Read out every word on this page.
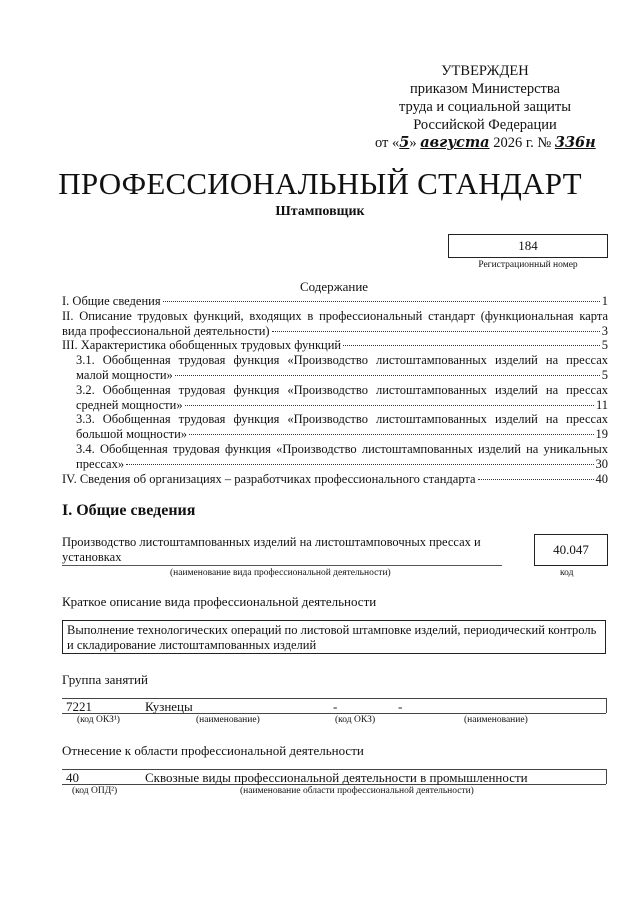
УТВЕРЖДЕН
приказом Министерства
труда и социальной защиты
Российской Федерации
от «5» августа 2026 г. № 336н
ПРОФЕССИОНАЛЬНЫЙ СТАНДАРТ
Штамповщик
184
Регистрационный номер
Содержание
I. Общие сведения	1
II. Описание трудовых функций, входящих в профессиональный стандарт (функциональная карта
вида профессиональной деятельности)	3
III. Характеристика обобщенных трудовых функций	5
3.1. Обобщенная трудовая функция «Производство листоштампованных изделий на прессах
малой мощности»	5
3.2. Обобщенная трудовая функция «Производство листоштампованных изделий на прессах
средней мощности»	11
3.3. Обобщенная трудовая функция «Производство листоштампованных изделий на прессах
большой мощности»	19
3.4. Обобщенная трудовая функция «Производство листоштампованных изделий на уникальных
прессах»	30
IV. Сведения об организациях – разработчиках профессионального стандарта	40
I. Общие сведения
Производство листоштампованных изделий на листоштамповочных прессах и установках	40.047
(наименование вида профессиональной деятельности)	код
Краткое описание вида профессиональной деятельности
Выполнение технологических операций по листовой штамповке изделий, периодический контроль и складирование листоштампованных изделий
Группа занятий
7221	Кузнецы	-	-
(код ОКЗ¹)	(наименование)	(код ОКЗ)	(наименование)
Отнесение к области профессиональной деятельности
40	Сквозные виды профессиональной деятельности в промышленности
(код ОПД²)	(наименование области профессиональной деятельности)
